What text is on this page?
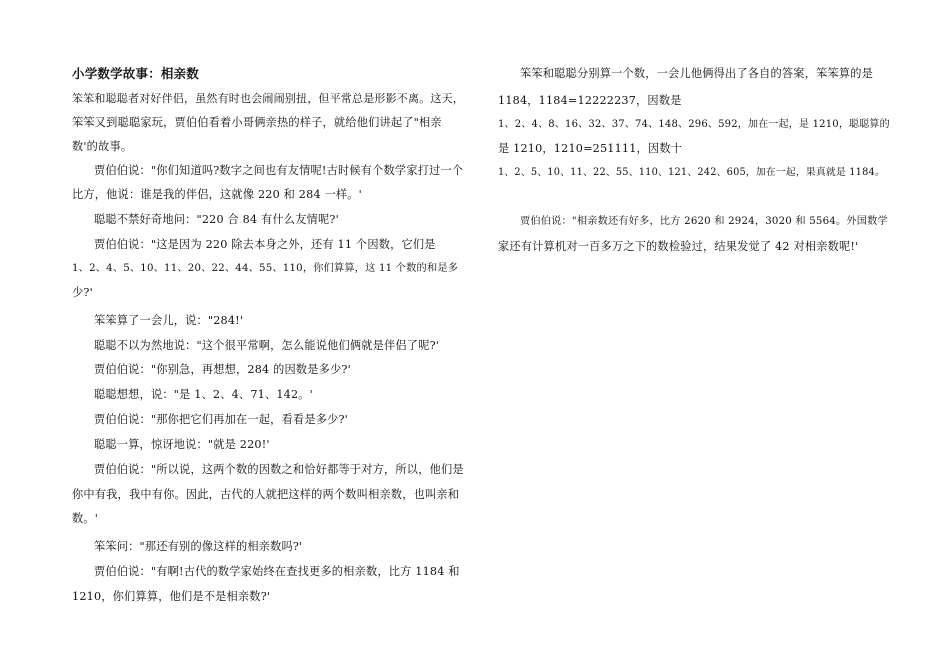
小学数学故事：相亲数
笨笨和聪聪者对好伴侣，虽然有时也会闹闹别扭，但平常总是形影不离。这天，
笨笨又到聪聪家玩，贾伯伯看着小哥俩亲热的样子，就给他们讲起了"相亲
数'的故事。
贾伯伯说："你们知道吗?数字之间也有友情呢!古时候有个数学家打过一个
比方，他说：谁是我的伴侣，这就像 220 和 284 一样。'
聪聪不禁好奇地问："220 合 84 有什么友情呢?'
贾伯伯说："这是因为 220 除去本身之外，还有 11 个因数，它们是
1、2、4、5、10、11、20、22、44、55、110，你们算算，这 11 个数的和是多
少?'
笨笨算了一会儿，说："284!'
聪聪不以为然地说："这个很平常啊，怎么能说他们俩就是伴侣了呢?'
贾伯伯说："你别急，再想想，284 的因数是多少?'
聪聪想想，说："是 1、2、4、71、142。'
贾伯伯说："那你把它们再加在一起，看看是多少?'
聪聪一算，惊讶地说："就是 220!'
贾伯伯说："所以说，这两个数的因数之和恰好都等于对方，所以，他们是
你中有我，我中有你。因此，古代的人就把这样的两个数叫相亲数，也叫亲和
数。'
笨笨问："那还有别的像这样的相亲数吗?'
贾伯伯说："有啊!古代的数学家始终在查找更多的相亲数，比方 1184 和
1210，你们算算，他们是不是相亲数?'
笨笨和聪聪分别算一个数，一会儿他俩得出了各自的答案，笨笨算的是
1184，1184=12222237，因数是
1、2、4、8、16、32、37、74、148、296、592，加在一起，是 1210，聪聪算的
是 1210，1210=251111，因数十
1、2、5、10、11、22、55、110、121、242、605，加在一起，果真就是 1184。
贾伯伯说："相亲数还有好多，比方 2620 和 2924，3020 和 5564。外国数学
家还有计算机对一百多万之下的数检验过，结果发觉了 42 对相亲数呢!'
